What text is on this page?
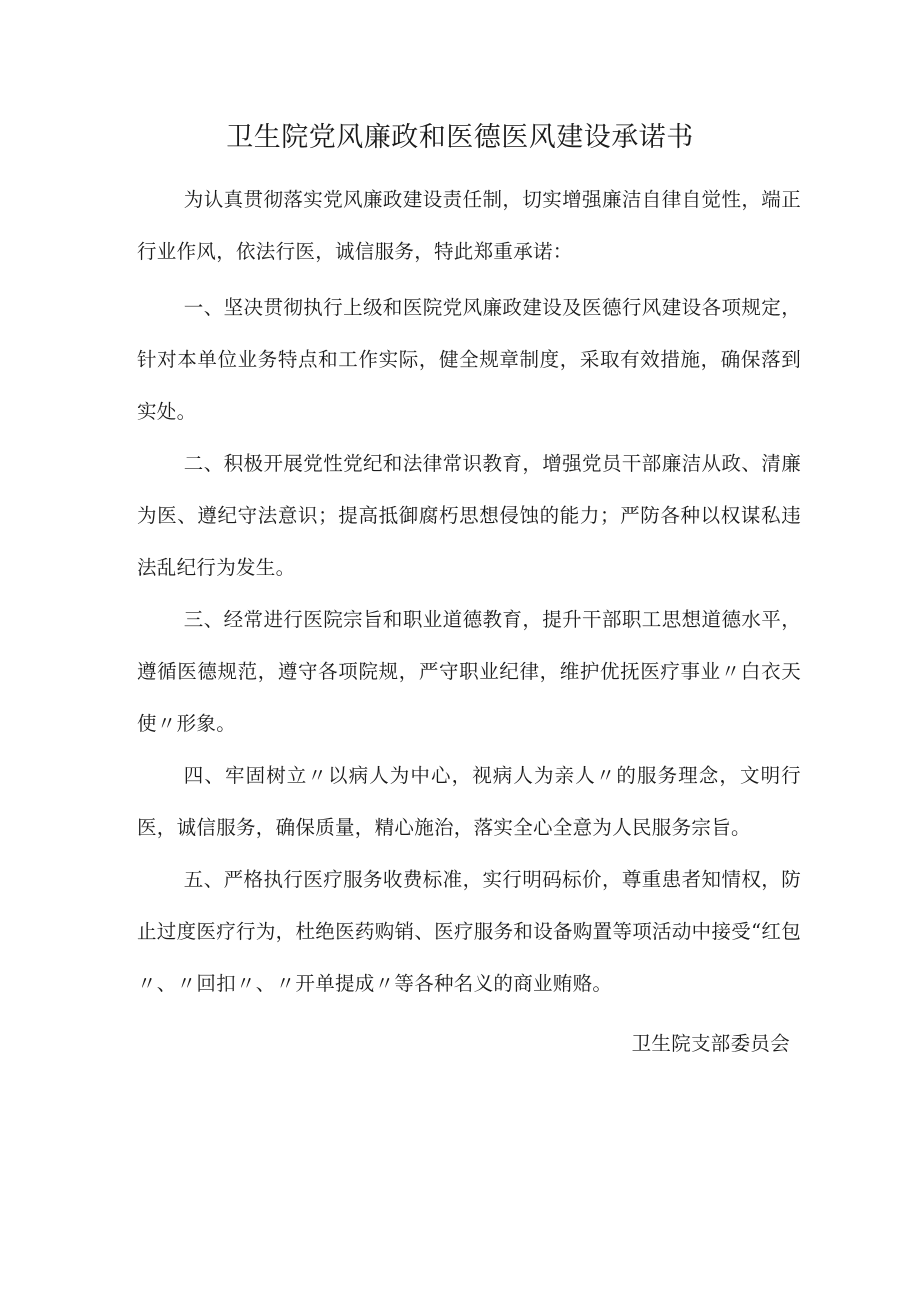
卫生院党风廉政和医德医风建设承诺书

为认真贯彻落实党风廉政建设责任制，切实增强廉洁自律自觉性，端正行业作风，依法行医，诚信服务，特此郑重承诺：

一、坚决贯彻执行上级和医院党风廉政建设及医德行风建设各项规定，针对本单位业务特点和工作实际，健全规章制度，采取有效措施，确保落到实处。

二、积极开展党性党纪和法律常识教育，增强党员干部廉洁从政、清廉为医、遵纪守法意识；提高抵御腐朽思想侵蚀的能力；严防各种以权谋私违法乱纪行为发生。

三、经常进行医院宗旨和职业道德教育，提升干部职工思想道德水平，遵循医德规范，遵守各项院规，严守职业纪律，维护优抚医疗事业〃白衣天使〃形象。

四、牢固树立〃以病人为中心，视病人为亲人〃的服务理念，文明行医，诚信服务，确保质量，精心施治，落实全心全意为人民服务宗旨。

五、严格执行医疗服务收费标准，实行明码标价，尊重患者知情权，防止过度医疗行为，杜绝医药购销、医疗服务和设备购置等项活动中接受“红包〃、〃回扣〃、〃开单提成〃等各种名义的商业贿赂。

卫生院支部委员会
